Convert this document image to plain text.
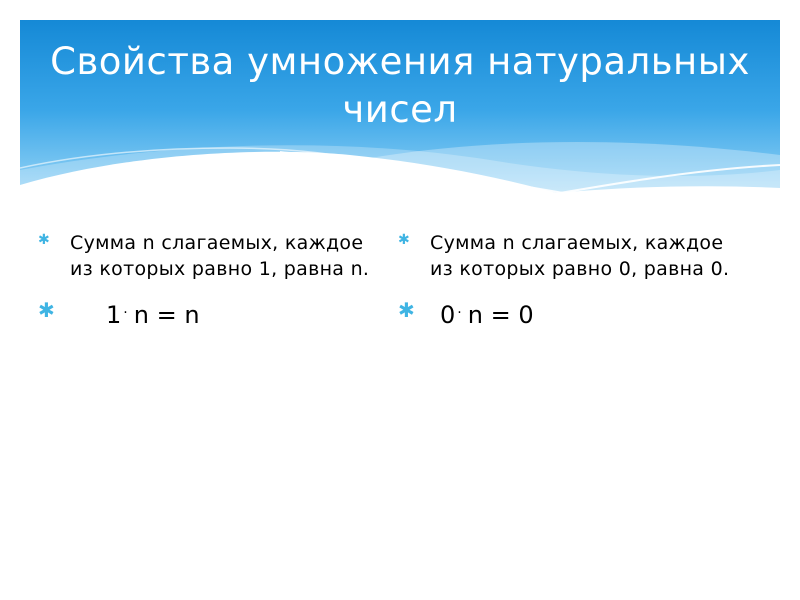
Свойства умножения натуральных чисел
✱ Сумма n слагаемых, каждое из которых равно 1, равна n.
✱ 1 · n = n
✱ Сумма n слагаемых, каждое из которых равно 0, равна 0.
✱ 0 · n = 0
